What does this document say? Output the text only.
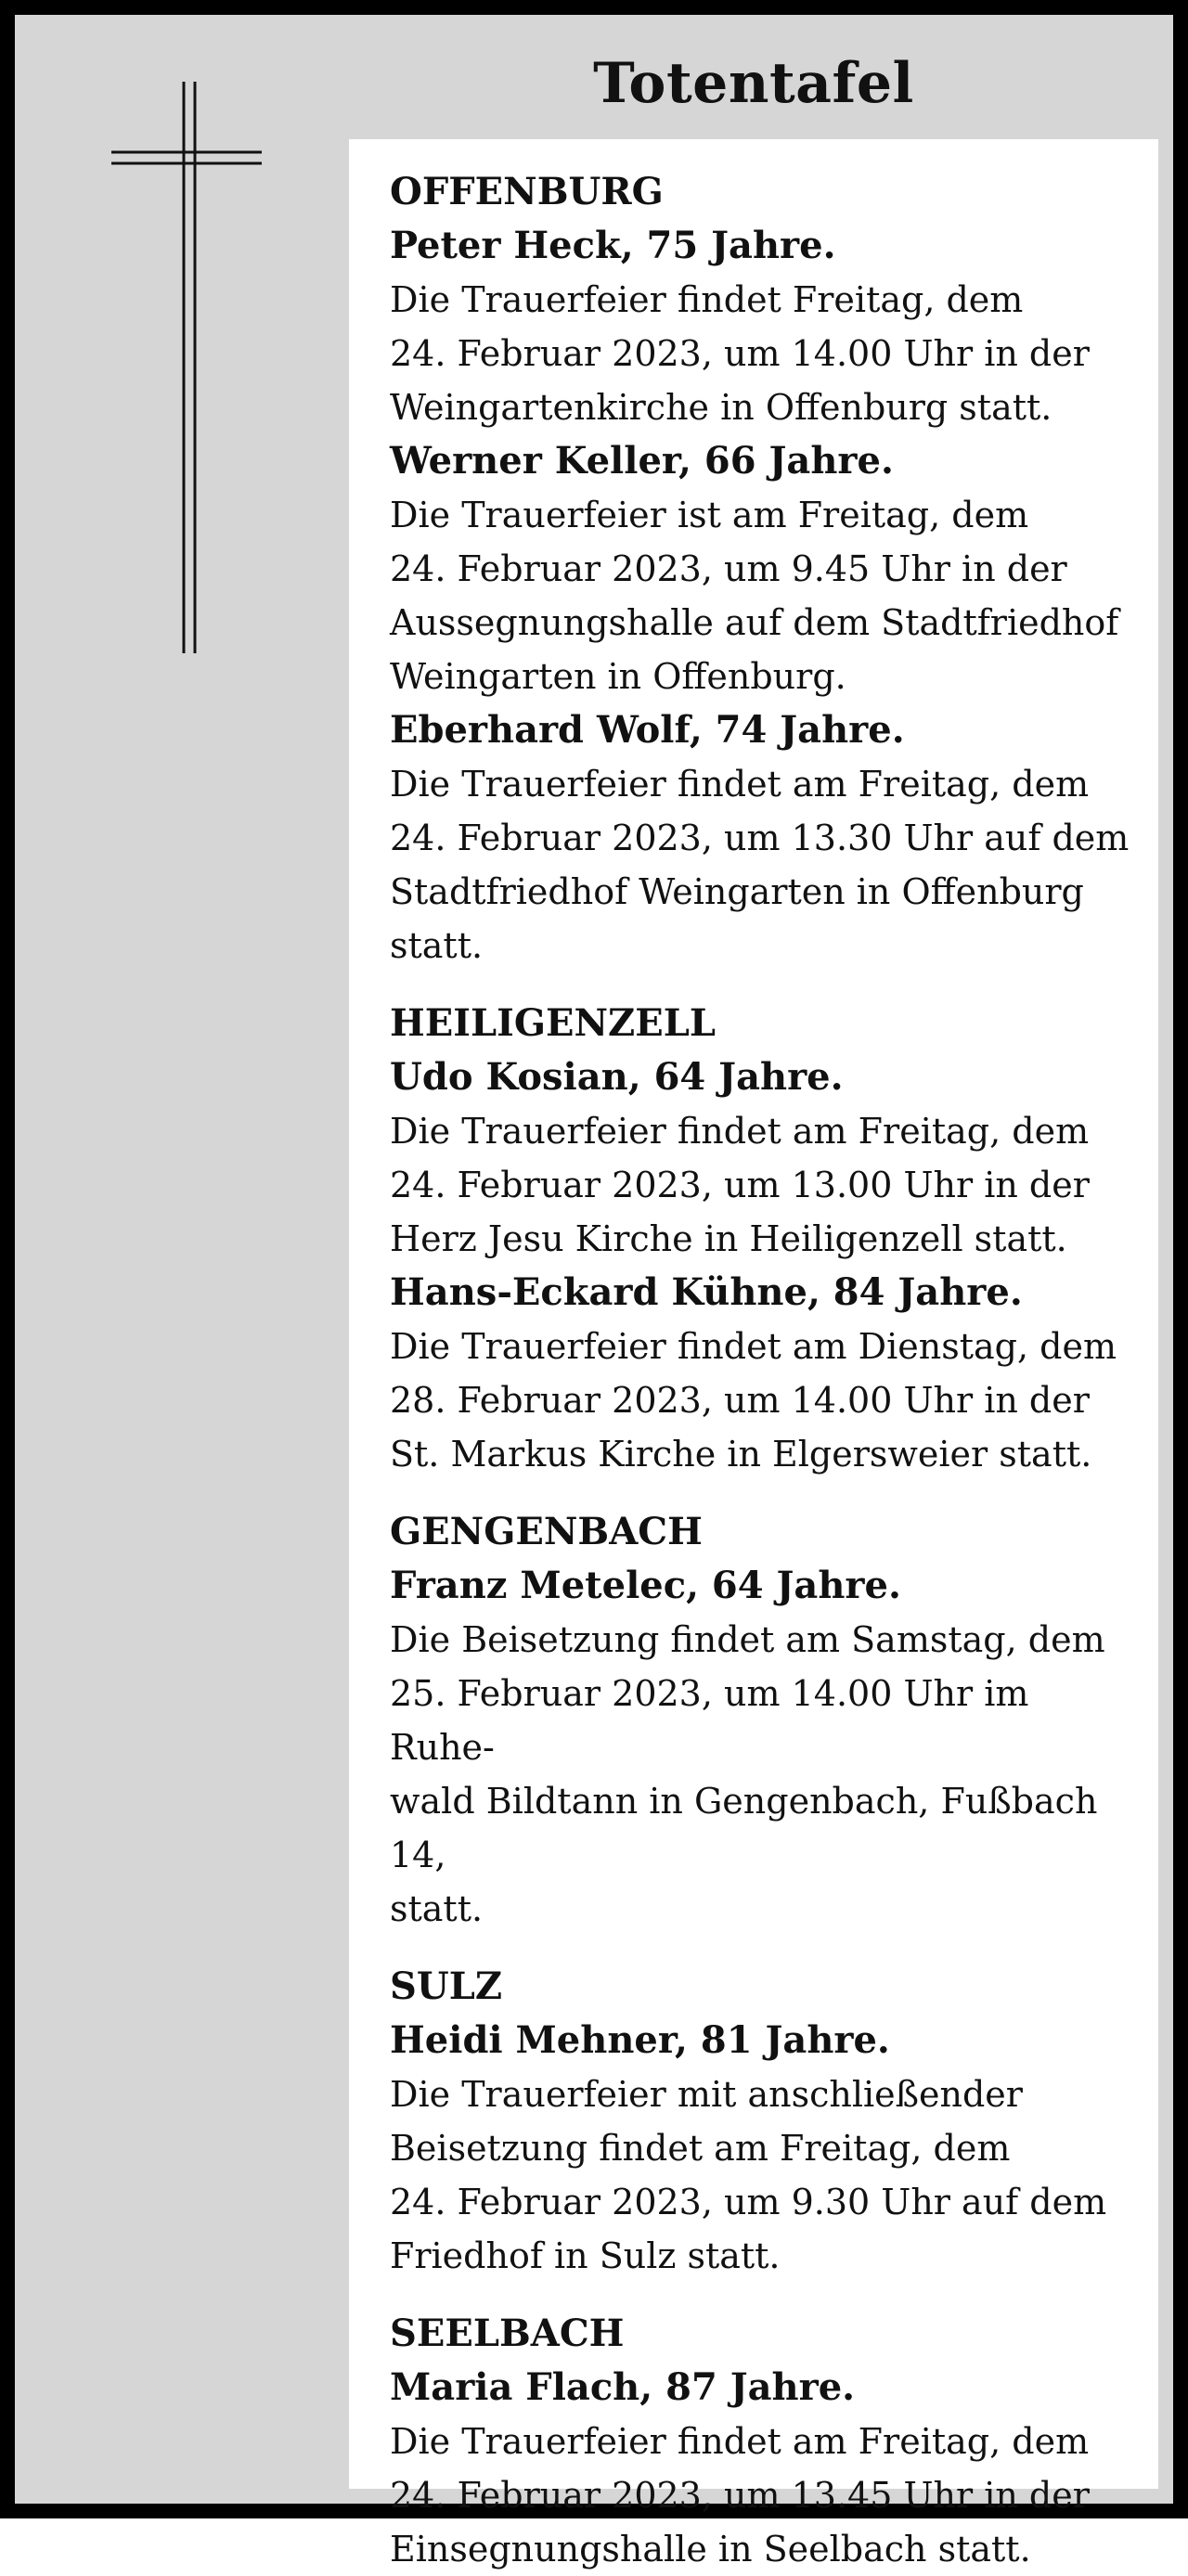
Totentafel
OFFENBURG
Peter Heck, 75 Jahre.
Die Trauerfeier findet Freitag, dem
24. Februar 2023, um 14.00 Uhr in der
Weingartenkirche in Offenburg statt.
Werner Keller, 66 Jahre.
Die Trauerfeier ist am Freitag, dem
24. Februar 2023, um 9.45 Uhr in der
Aussegnungshalle auf dem Stadtfriedhof
Weingarten in Offenburg.
Eberhard Wolf, 74 Jahre.
Die Trauerfeier findet am Freitag, dem
24. Februar 2023, um 13.30 Uhr auf dem
Stadtfriedhof Weingarten in Offenburg
statt.
HEILIGENZELL
Udo Kosian, 64 Jahre.
Die Trauerfeier findet am Freitag, dem
24. Februar 2023, um 13.00 Uhr in der
Herz Jesu Kirche in Heiligenzell statt.
Hans-Eckard Kühne, 84 Jahre.
Die Trauerfeier findet am Dienstag, dem
28. Februar 2023, um 14.00 Uhr in der
St. Markus Kirche in Elgersweier statt.
GENGENBACH
Franz Metelec, 64 Jahre.
Die Beisetzung findet am Samstag, dem
25. Februar 2023, um 14.00 Uhr im Ruhe-
wald Bildtann in Gengenbach, Fußbach 14,
statt.
SULZ
Heidi Mehner, 81 Jahre.
Die Trauerfeier mit anschließender
Beisetzung findet am Freitag, dem
24. Februar 2023, um 9.30 Uhr auf dem
Friedhof in Sulz statt.
SEELBACH
Maria Flach, 87 Jahre.
Die Trauerfeier findet am Freitag, dem
24. Februar 2023, um 13.45 Uhr in der
Einsegnungshalle in Seelbach statt.
